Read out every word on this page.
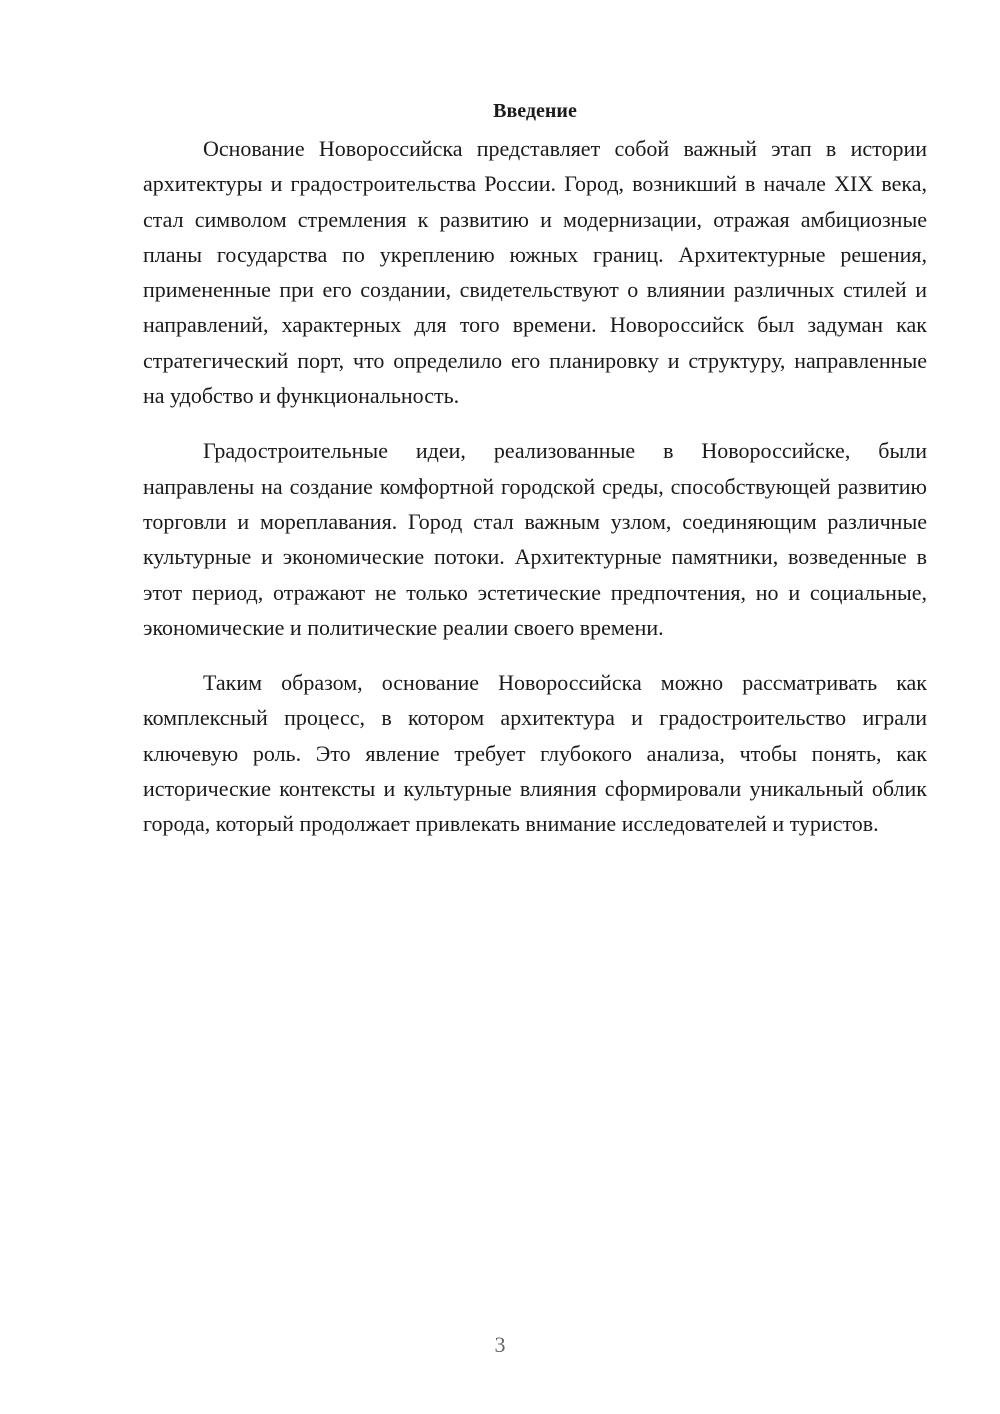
Введение

Основание Новороссийска представляет собой важный этап в истории архитектуры и градостроительства России. Город, возникший в начале XIX века, стал символом стремления к развитию и модернизации, отражая амбициозные планы государства по укреплению южных границ. Архитектурные решения, примененные при его создании, свидетельствуют о влиянии различных стилей и направлений, характерных для того времени. Новороссийск был задуман как стратегический порт, что определило его планировку и структуру, направленные на удобство и функциональность.

Градостроительные идеи, реализованные в Новороссийске, были направлены на создание комфортной городской среды, способствующей развитию торговли и мореплавания. Город стал важным узлом, соединяющим различные культурные и экономические потоки. Архитектурные памятники, возведенные в этот период, отражают не только эстетические предпочтения, но и социальные, экономические и политические реалии своего времени.

Таким образом, основание Новороссийска можно рассматривать как комплексный процесс, в котором архитектура и градостроительство играли ключевую роль. Это явление требует глубокого анализа, чтобы понять, как исторические контексты и культурные влияния сформировали уникальный облик города, который продолжает привлекать внимание исследователей и туристов.

3
